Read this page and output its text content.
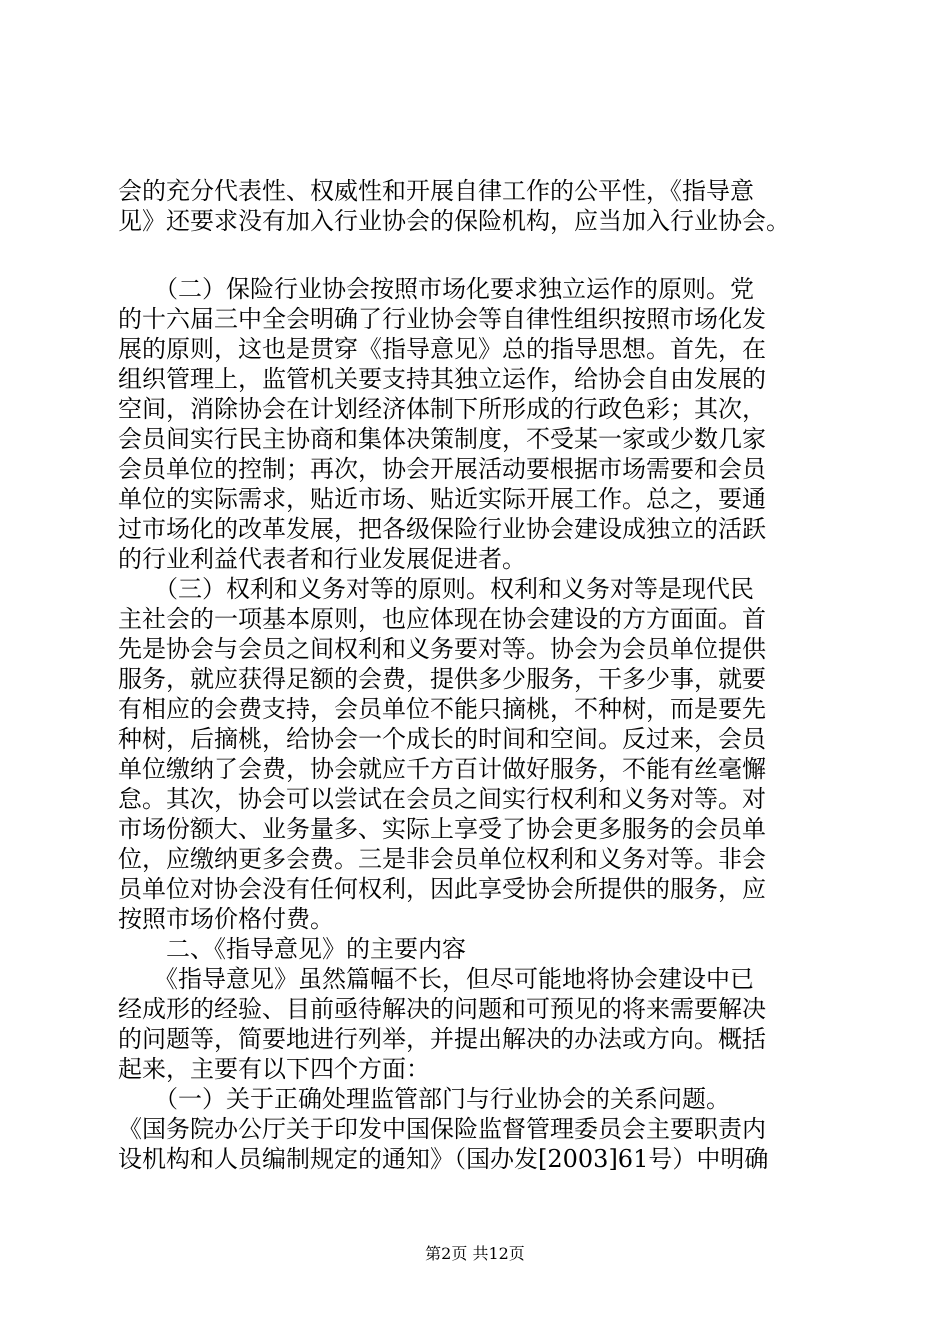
会的充分代表性、权威性和开展自律工作的公平性，《指导意
见》还要求没有加入行业协会的保险机构，应当加入行业协会。
　　（二）保险行业协会按照市场化要求独立运作的原则。党
的十六届三中全会明确了行业协会等自律性组织按照市场化发
展的原则，这也是贯穿《指导意见》总的指导思想。首先，在
组织管理上，监管机关要支持其独立运作，给协会自由发展的
空间，消除协会在计划经济体制下所形成的行政色彩；其次，
会员间实行民主协商和集体决策制度，不受某一家或少数几家
会员单位的控制；再次，协会开展活动要根据市场需要和会员
单位的实际需求，贴近市场、贴近实际开展工作。总之，要通
过市场化的改革发展，把各级保险行业协会建设成独立的活跃
的行业利益代表者和行业发展促进者。
　　（三）权利和义务对等的原则。权利和义务对等是现代民
主社会的一项基本原则，也应体现在协会建设的方方面面。首
先是协会与会员之间权利和义务要对等。协会为会员单位提供
服务，就应获得足额的会费，提供多少服务，干多少事，就要
有相应的会费支持，会员单位不能只摘桃，不种树，而是要先
种树，后摘桃，给协会一个成长的时间和空间。反过来，会员
单位缴纳了会费，协会就应千方百计做好服务，不能有丝毫懈
怠。其次，协会可以尝试在会员之间实行权利和义务对等。对
市场份额大、业务量多、实际上享受了协会更多服务的会员单
位，应缴纳更多会费。三是非会员单位权利和义务对等。非会
员单位对协会没有任何权利，因此享受协会所提供的服务，应
按照市场价格付费。
　　二、《指导意见》的主要内容
　　《指导意见》虽然篇幅不长，但尽可能地将协会建设中已
经成形的经验、目前亟待解决的问题和可预见的将来需要解决
的问题等，简要地进行列举，并提出解决的办法或方向。概括
起来，主要有以下四个方面：
　　（一）关于正确处理监管部门与行业协会的关系问题。
《国务院办公厅关于印发中国保险监督管理委员会主要职责内
设机构和人员编制规定的通知》（国办发[2003]61号）中明确
第2页 共12页
